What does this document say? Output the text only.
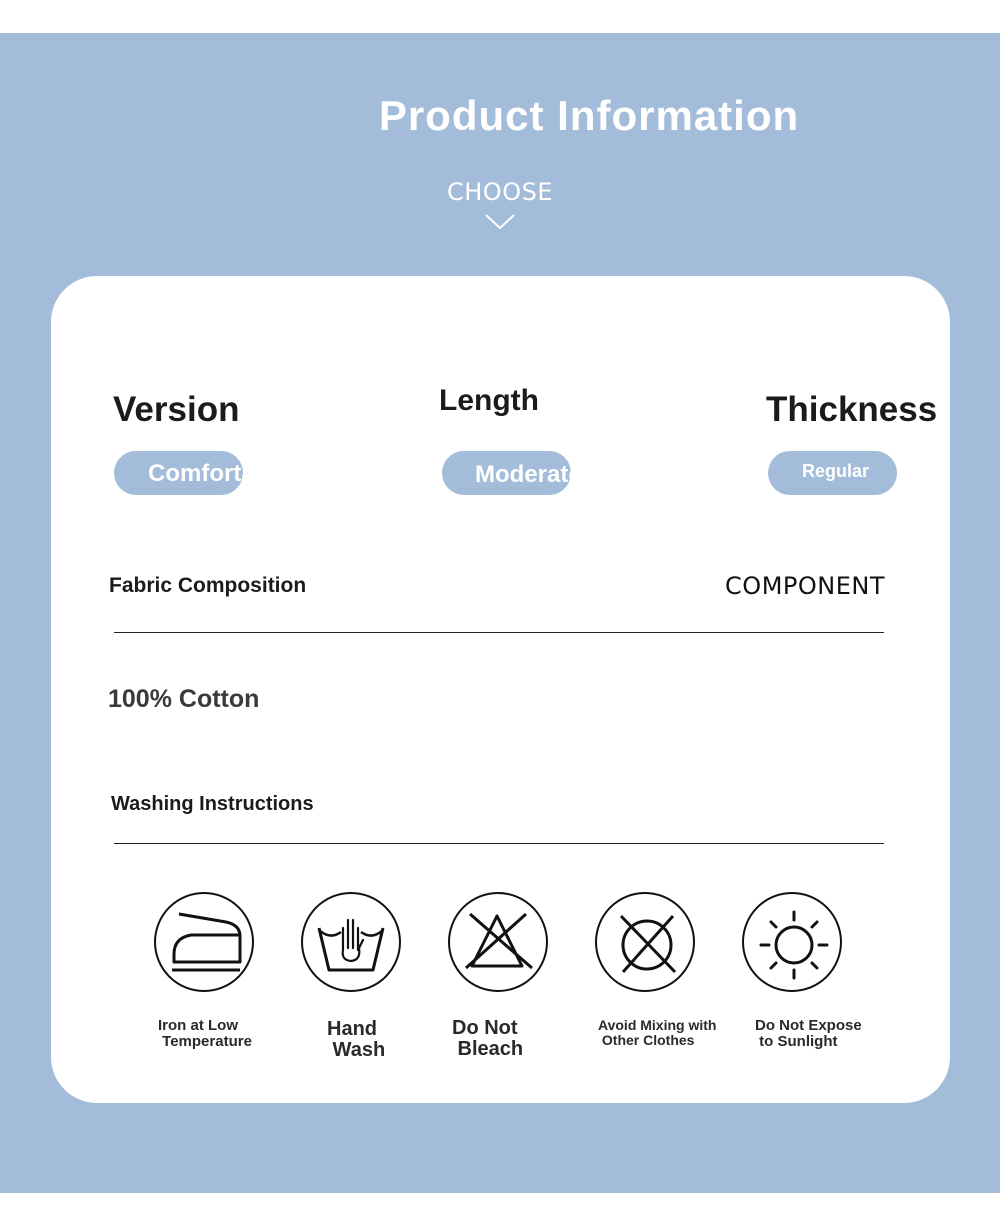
Product Information
CHOOSE
Version
Comfortable
Length
Moderate
Thickness
Regular
Fabric Composition
100% Cotton
Washing Instructions
Iron at Low
Temperature
Hand
Wash
Do Not
Bleach
Avoid Mixing with
Other Clothes
Do Not Expose
to Sunlight
COMPONENT
